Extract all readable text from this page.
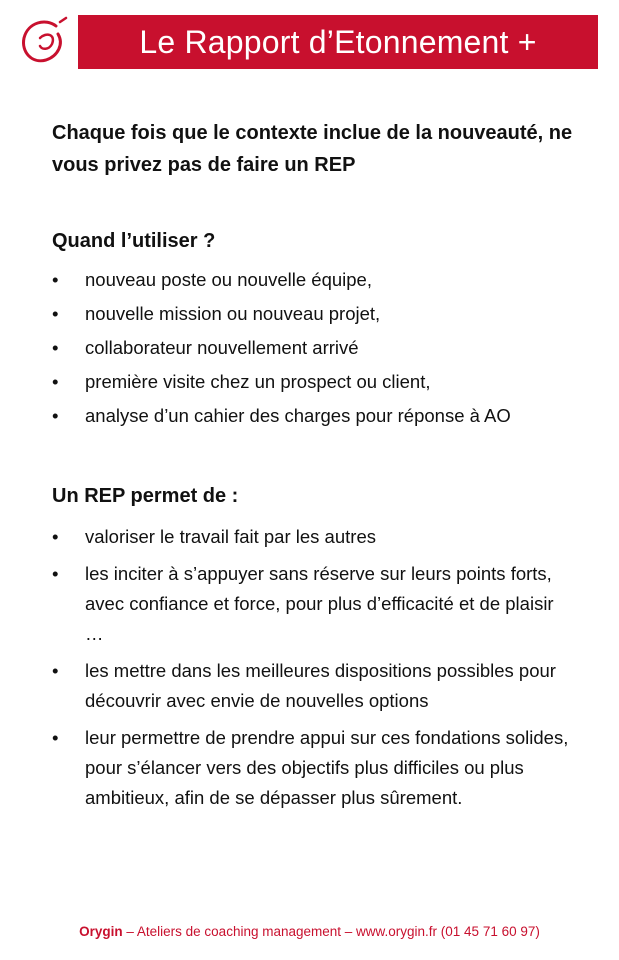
Le Rapport d’Etonnement +
Chaque fois que le contexte inclue de la nouveauté, ne vous privez pas de faire un REP
Quand l’utiliser ?
• nouveau poste ou nouvelle équipe,
• nouvelle mission ou nouveau projet,
• collaborateur nouvellement arrivé
• première visite chez un prospect ou client,
• analyse d’un cahier des charges pour réponse à AO
Un REP permet de :
• valoriser le travail fait par les autres
• les inciter à s’appuyer sans réserve sur leurs points forts, avec confiance et force, pour plus d’efficacité et de plaisir …
• les mettre dans les meilleures dispositions possibles pour découvrir avec envie de nouvelles options
• leur permettre de prendre appui sur ces fondations solides, pour s’élancer vers des objectifs plus difficiles ou plus ambitieux, afin de se dépasser plus sûrement.
Orygin – Ateliers de coaching management – www.orygin.fr (01 45 71 60 97)
